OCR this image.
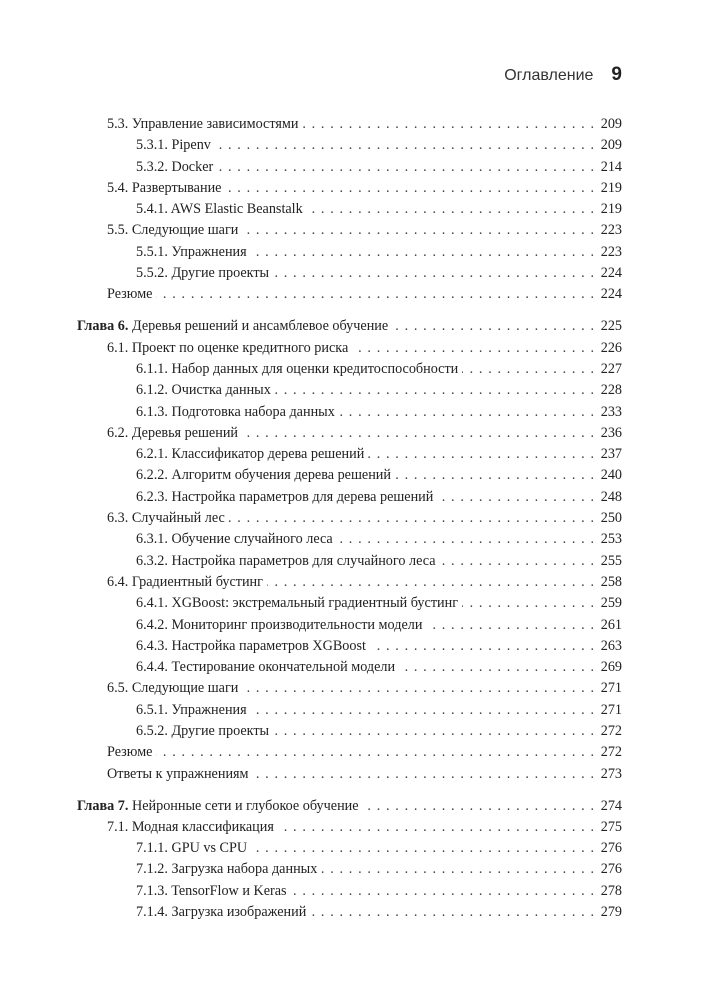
Оглавление 9
5.3. Управление зависимостями . . .	209
5.3.1. Pipenv . . .	209
5.3.2. Docker . . .	214
5.4. Развертывание . . .	219
5.4.1. AWS Elastic Beanstalk . . .	219
5.5. Следующие шаги . . .	223
5.5.1. Упражнения . . .	223
5.5.2. Другие проекты . . .	224
Резюме . . .	224
Глава 6. Деревья решений и ансамблевое обучение . . .	225
6.1. Проект по оценке кредитного риска . . .	226
6.1.1. Набор данных для оценки кредитоспособности . . .	227
6.1.2. Очистка данных . . .	228
6.1.3. Подготовка набора данных . . .	233
6.2. Деревья решений . . .	236
6.2.1. Классификатор дерева решений . . .	237
6.2.2. Алгоритм обучения дерева решений . . .	240
6.2.3. Настройка параметров для дерева решений . . .	248
6.3. Случайный лес . . .	250
6.3.1. Обучение случайного леса . . .	253
6.3.2. Настройка параметров для случайного леса . . .	255
6.4. Градиентный бустинг . . .	258
6.4.1. XGBoost: экстремальный градиентный бустинг . . .	259
6.4.2. Мониторинг производительности модели . . .	261
6.4.3. Настройка параметров XGBoost . . .	263
6.4.4. Тестирование окончательной модели . . .	269
6.5. Следующие шаги . . .	271
6.5.1. Упражнения . . .	271
6.5.2. Другие проекты . . .	272
Резюме . . .	272
Ответы к упражнениям . . .	273
Глава 7. Нейронные сети и глубокое обучение . . .	274
7.1. Модная классификация . . .	275
7.1.1. GPU vs CPU . . .	276
7.1.2. Загрузка набора данных . . .	276
7.1.3. TensorFlow и Keras . . .	278
7.1.4. Загрузка изображений . . .	279
